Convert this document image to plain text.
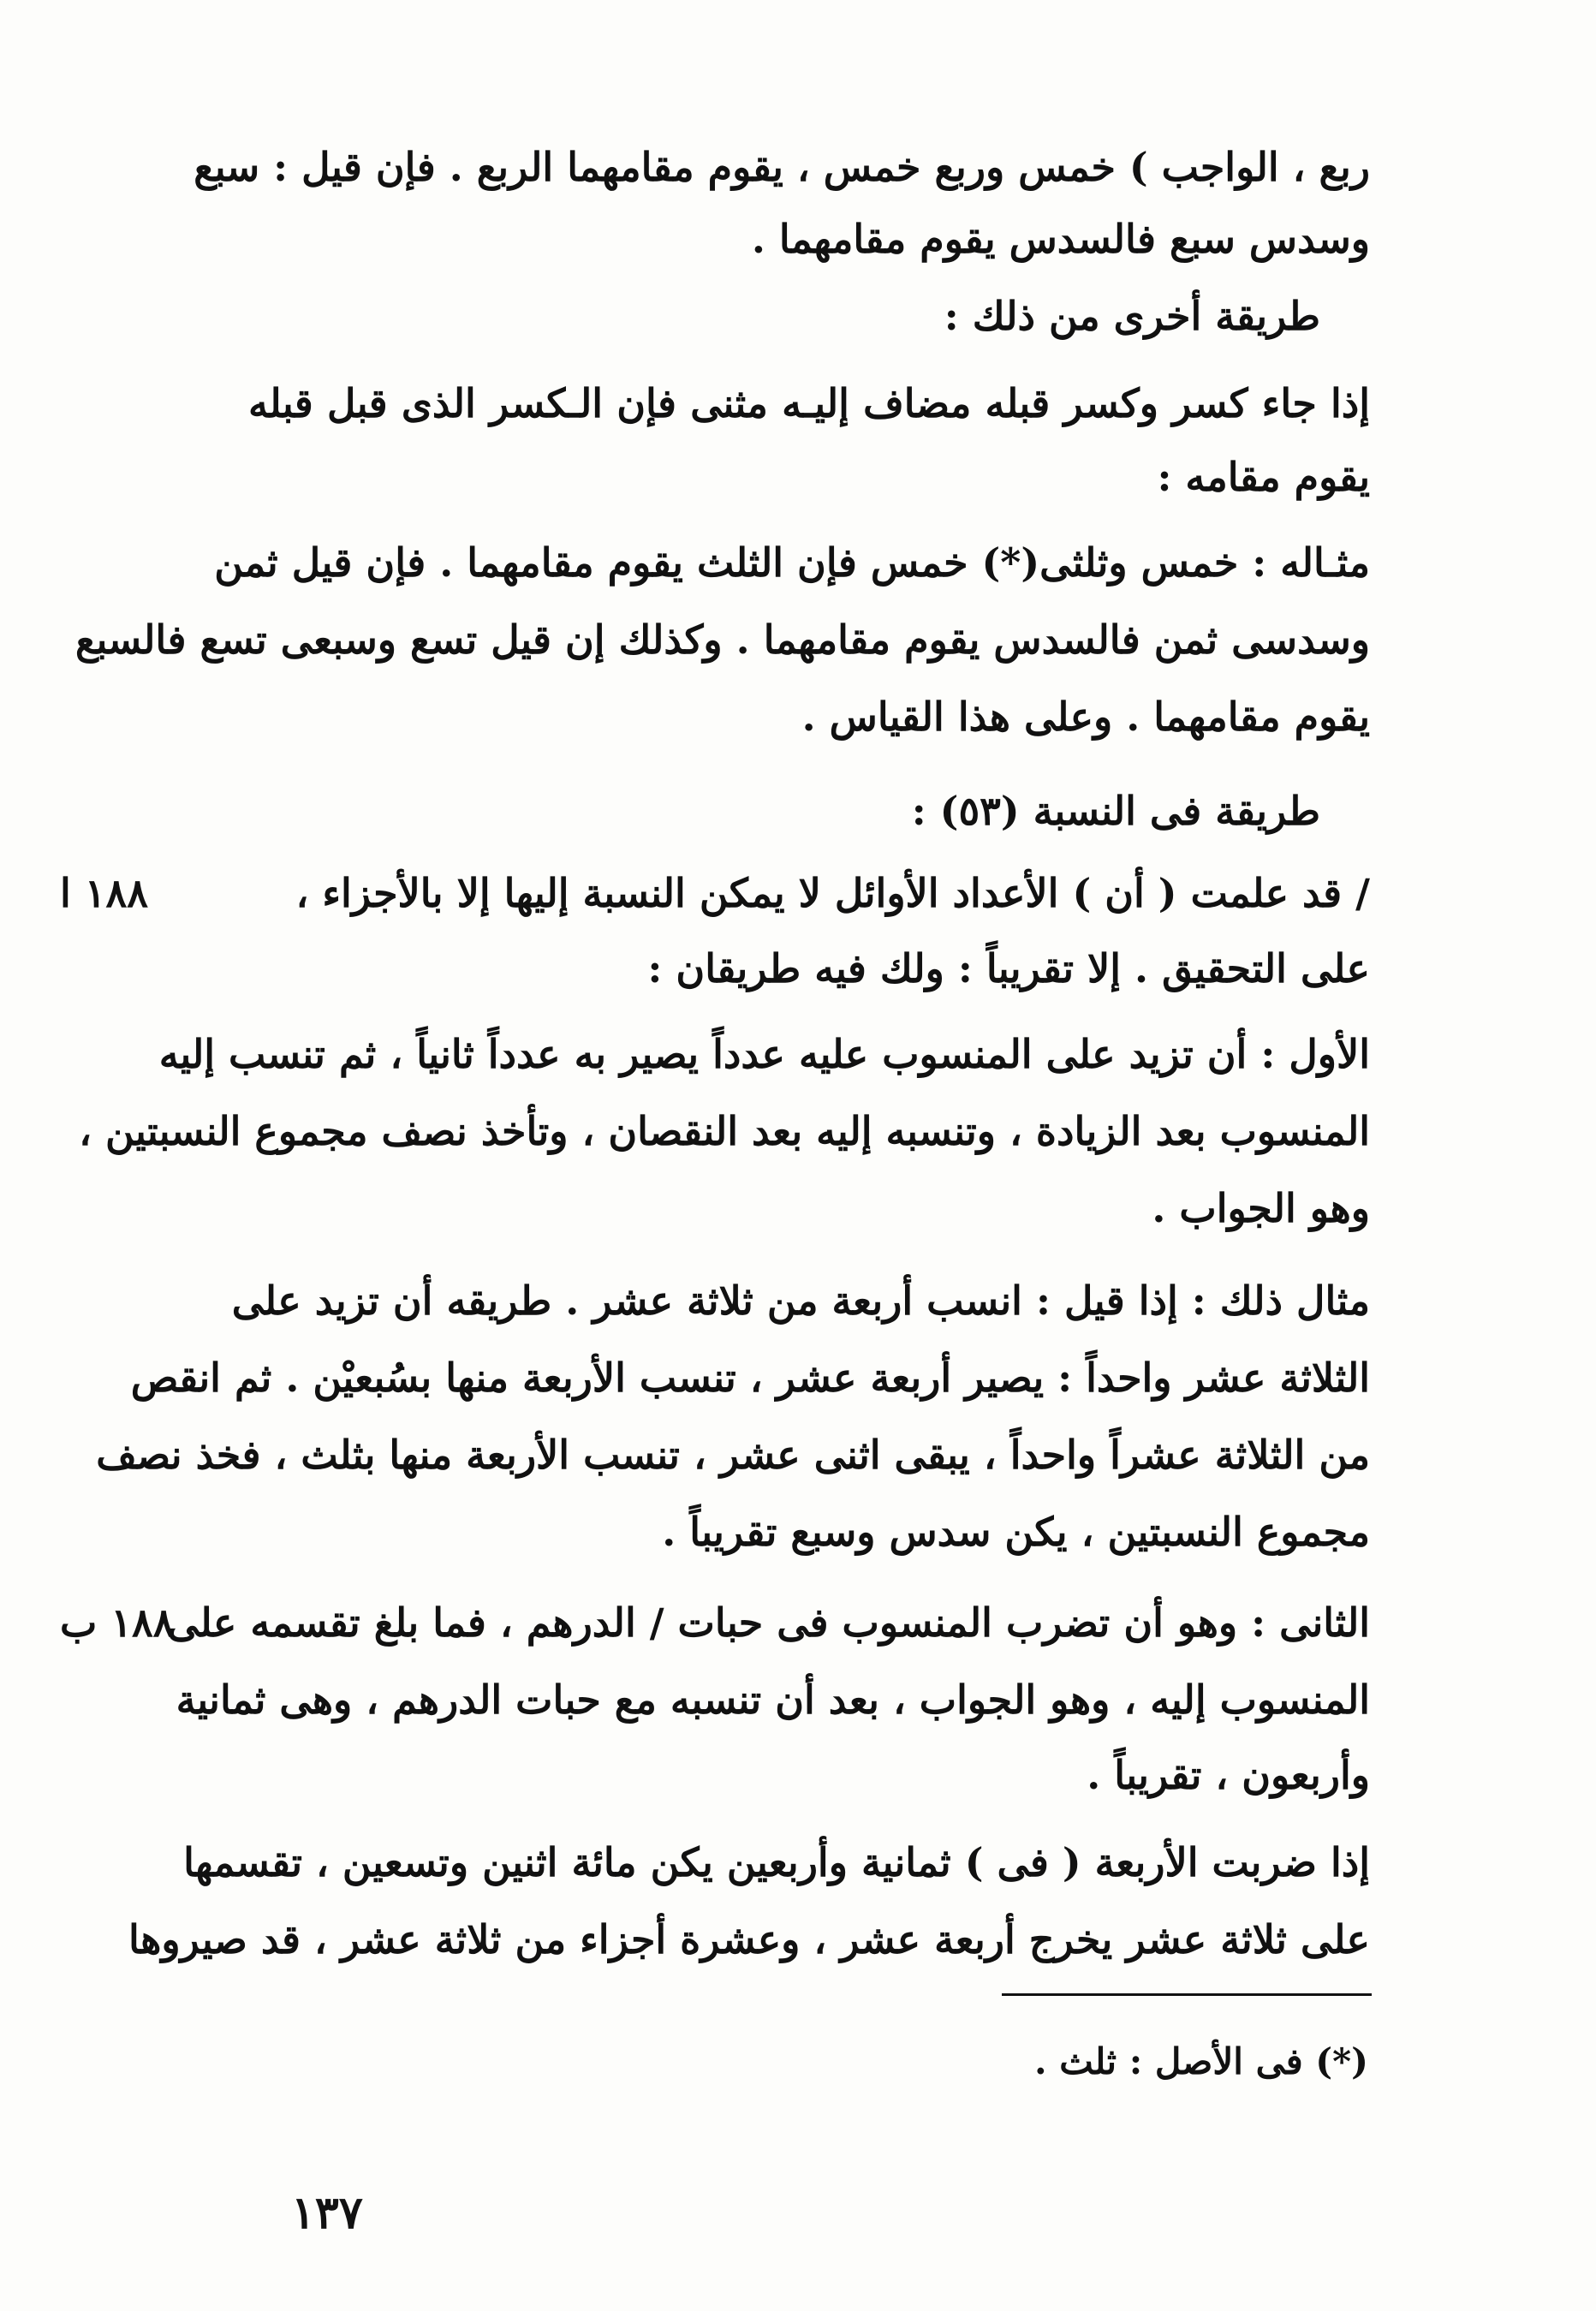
ربع ، الواجب ) خمس وربع خمس ، يقوم مقامهما الربع . فإن قيل : سبع
وسدس سبع فالسدس يقوم مقامهما .
طريقة أخرى من ذلك :
إذا جاء كسر وكسر قبله مضاف إليـه مثنى فإن الـكسر الذى قبل قبله
يقوم مقامه :
مثـاله : خمس وثلثى(*) خمس فإن الثلث يقوم مقامهما . فإن قيل ثمن
وسدسى ثمن فالسدس يقوم مقامهما . وكذلك إن قيل تسع وسبعى تسع فالسبع
يقوم مقامهما . وعلى هذا القياس .
طريقة فى النسبة (٥٣) :
/ قد علمت ( أن ) الأعداد الأوائل لا يمكن النسبة إليها إلا بالأجزاء ،
على التحقيق . إلا تقريباً : ولك فيه طريقان :
الأول : أن تزيد على المنسوب عليه عدداً يصير به عدداً ثانياً ، ثم تنسب إليه
المنسوب بعد الزيادة ، وتنسبه إليه بعد النقصان ، وتأخذ نصف مجموع النسبتين ،
وهو الجواب .
مثال ذلك : إذا قيل : انسب أربعة من ثلاثة عشر . طريقه أن تزيد على
الثلاثة عشر واحداً : يصير أربعة عشر ، تنسب الأربعة منها بسُبعيْن . ثم انقص
من الثلاثة عشراً واحداً ، يبقى اثنى عشر ، تنسب الأربعة منها بثلث ، فخذ نصف
مجموع النسبتين ، يكن سدس وسبع تقريباً .
الثانى : وهو أن تضرب المنسوب فى حبات / الدرهم ، فما بلغ تقسمه على
المنسوب إليه ، وهو الجواب ، بعد أن تنسبه مع حبات الدرهم ، وهى ثمانية
وأربعون ، تقريباً .
إذا ضربت الأربعة ( فى ) ثمانية وأربعين يكن مائة اثنين وتسعين ، تقسمها
على ثلاثة عشر يخرج أربعة عشر ، وعشرة أجزاء من ثلاثة عشر ، قد صيروها
١٨٨ ا
١٨٨ ب
(*) فى الأصل : ثلث .
١٣٧
